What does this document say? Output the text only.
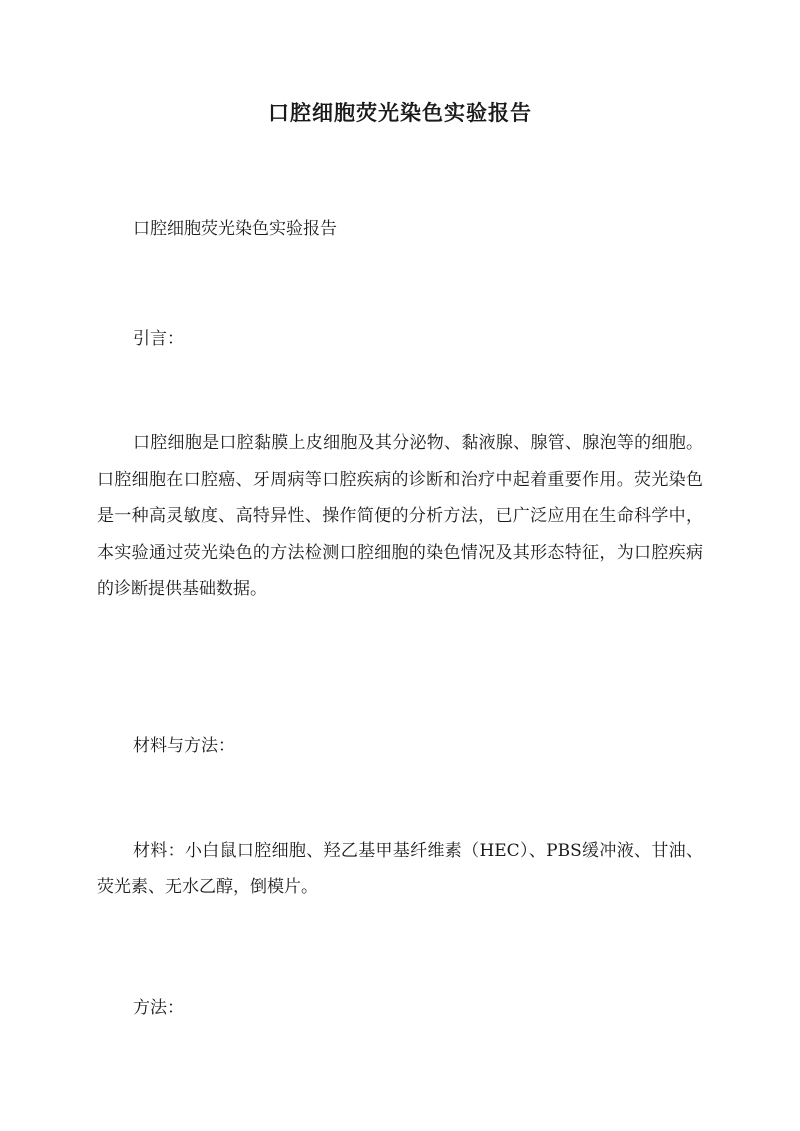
口腔细胞荧光染色实验报告
口腔细胞荧光染色实验报告
引言：
口腔细胞是口腔黏膜上皮细胞及其分泌物、黏液腺、腺管、腺泡等的细胞。口腔细胞在口腔癌、牙周病等口腔疾病的诊断和治疗中起着重要作用。荧光染色是一种高灵敏度、高特异性、操作简便的分析方法，已广泛应用在生命科学中，本实验通过荧光染色的方法检测口腔细胞的染色情况及其形态特征，为口腔疾病的诊断提供基础数据。
材料与方法：
材料：小白鼠口腔细胞、羟乙基甲基纤维素（HEC）、PBS缓冲液、甘油、荧光素、无水乙醇，倒模片。
方法：
